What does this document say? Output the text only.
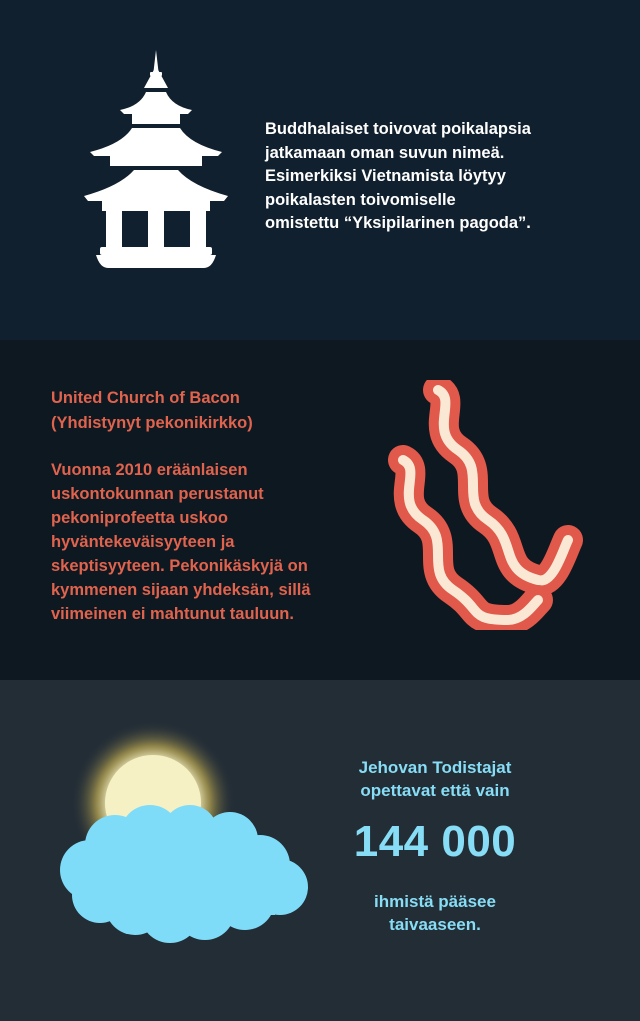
Buddhalaiset toivovat poikalapsia
jatkamaan oman suvun nimeä.
Esimerkiksi Vietnamista löytyy
poikalasten toivomiselle
omistettu “Yksipilarinen pagoda”.
United Church of Bacon
(Yhdistynyt pekonikirkko)
Vuonna 2010 eräänlaisen
uskontokunnan perustanut
pekoniprofeetta uskoo
hyväntekeväisyyteen ja
skeptisyyteen. Pekonikäskyjä on
kymmenen sijaan yhdeksän, sillä
viimeinen ei mahtunut tauluun.
Jehovan Todistajat
opettavat että vain
144 000
ihmistä pääsee
taivaaseen.
